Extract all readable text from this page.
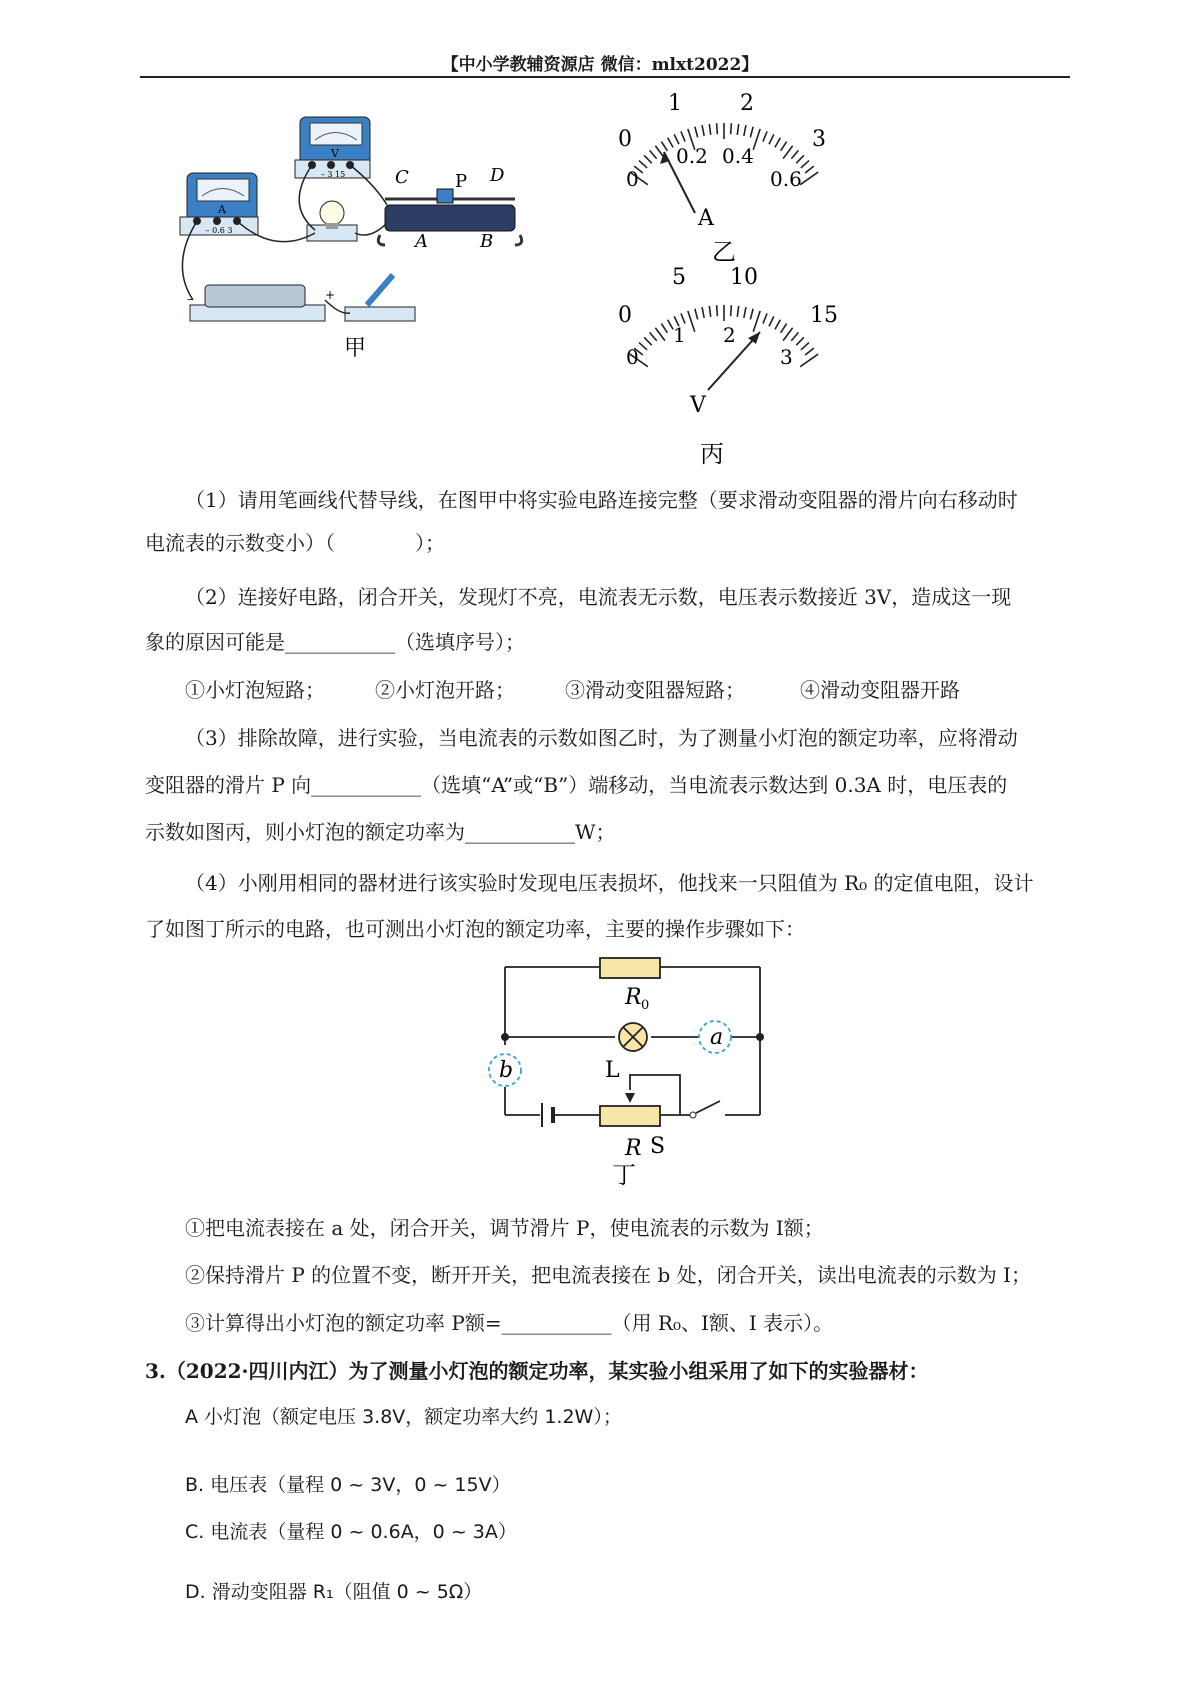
【中小学教辅资源店 微信：mlxt2022】
V
– 3 15
A
– 0.6 3
C	P D
A	B
–	+
甲
0
1	2
3
0
0.2 0.4
0.6
A
乙
0
5 10
15
0
1 2
3
V
丙
（1）请用笔画线代替导线，在图甲中将实验电路连接完整（要求滑动变阻器的滑片向右移动时
电流表的示数变小）（　　　　）；
（2）连接好电路，闭合开关，发现灯不亮，电流表无示数，电压表示数接近 3V，造成这一现
象的原因可能是___________（选填序号）；
①小灯泡短路；	②小灯泡开路；	③滑动变阻器短路；	④滑动变阻器开路
（3）排除故障，进行实验，当电流表的示数如图乙时，为了测量小灯泡的额定功率，应将滑动
变阻器的滑片 P 向___________（选填“A”或“B”）端移动，当电流表示数达到 0.3A 时，电压表的
示数如图丙，则小灯泡的额定功率为___________W；
（4）小刚用相同的器材进行该实验时发现电压表损坏，他找来一只阻值为 R₀ 的定值电阻，设计
了如图丁所示的电路，也可测出小灯泡的额定功率，主要的操作步骤如下：
R 0
L
a
b
R S
丁
①把电流表接在 a 处，闭合开关，调节滑片 P，使电流表的示数为 I额；
②保持滑片 P 的位置不变，断开开关，把电流表接在 b 处，闭合开关，读出电流表的示数为 I；
③计算得出小灯泡的额定功率 P额=___________（用 R₀、I额、I 表示）。
3.（2022·四川内江）为了测量小灯泡的额定功率，某实验小组采用了如下的实验器材：
A 小灯泡（额定电压 3.8V，额定功率大约 1.2W）；
B. 电压表（量程 0 ~ 3V，0 ~ 15V）
C. 电流表（量程 0 ~ 0.6A，0 ~ 3A）
D. 滑动变阻器 R₁（阻值 0 ~ 5Ω）
